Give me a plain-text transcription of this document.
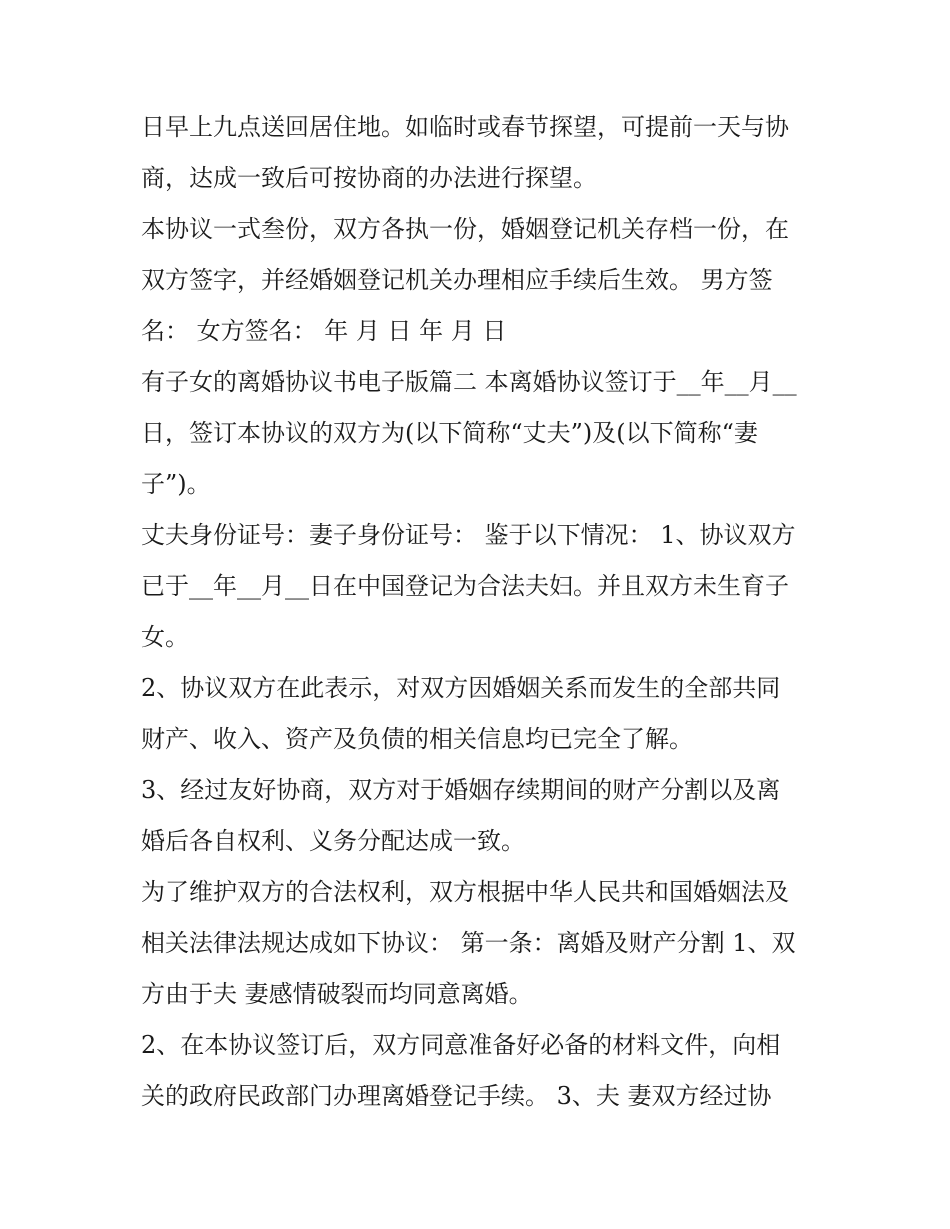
日早上九点送回居住地。如临时或春节探望，可提前一天与协

商，达成一致后可按协商的办法进行探望。

本协议一式叁份，双方各执一份，婚姻登记机关存档一份，在

双方签字，并经婚姻登记机关办理相应手续后生效。 男方签

名： 女方签名： 年 月 日 年 月 日

有子女的离婚协议书电子版篇二 本离婚协议签订于__年__月__

日，签订本协议的双方为(以下简称“丈夫”)及(以下简称“妻

子”)。

丈夫身份证号：妻子身份证号： 鉴于以下情况： 1、协议双方

已于__年__月__日在中国登记为合法夫妇。并且双方未生育子

女。

2、协议双方在此表示，对双方因婚姻关系而发生的全部共同

财产、收入、资产及负债的相关信息均已完全了解。

3、经过友好协商，双方对于婚姻存续期间的财产分割以及离

婚后各自权利、义务分配达成一致。

为了维护双方的合法权利，双方根据中华人民共和国婚姻法及

相关法律法规达成如下协议： 第一条：离婚及财产分割 1、双

方由于夫 妻感情破裂而均同意离婚。

2、在本协议签订后，双方同意准备好必备的材料文件，向相

关的政府民政部门办理离婚登记手续。 3、夫 妻双方经过协
